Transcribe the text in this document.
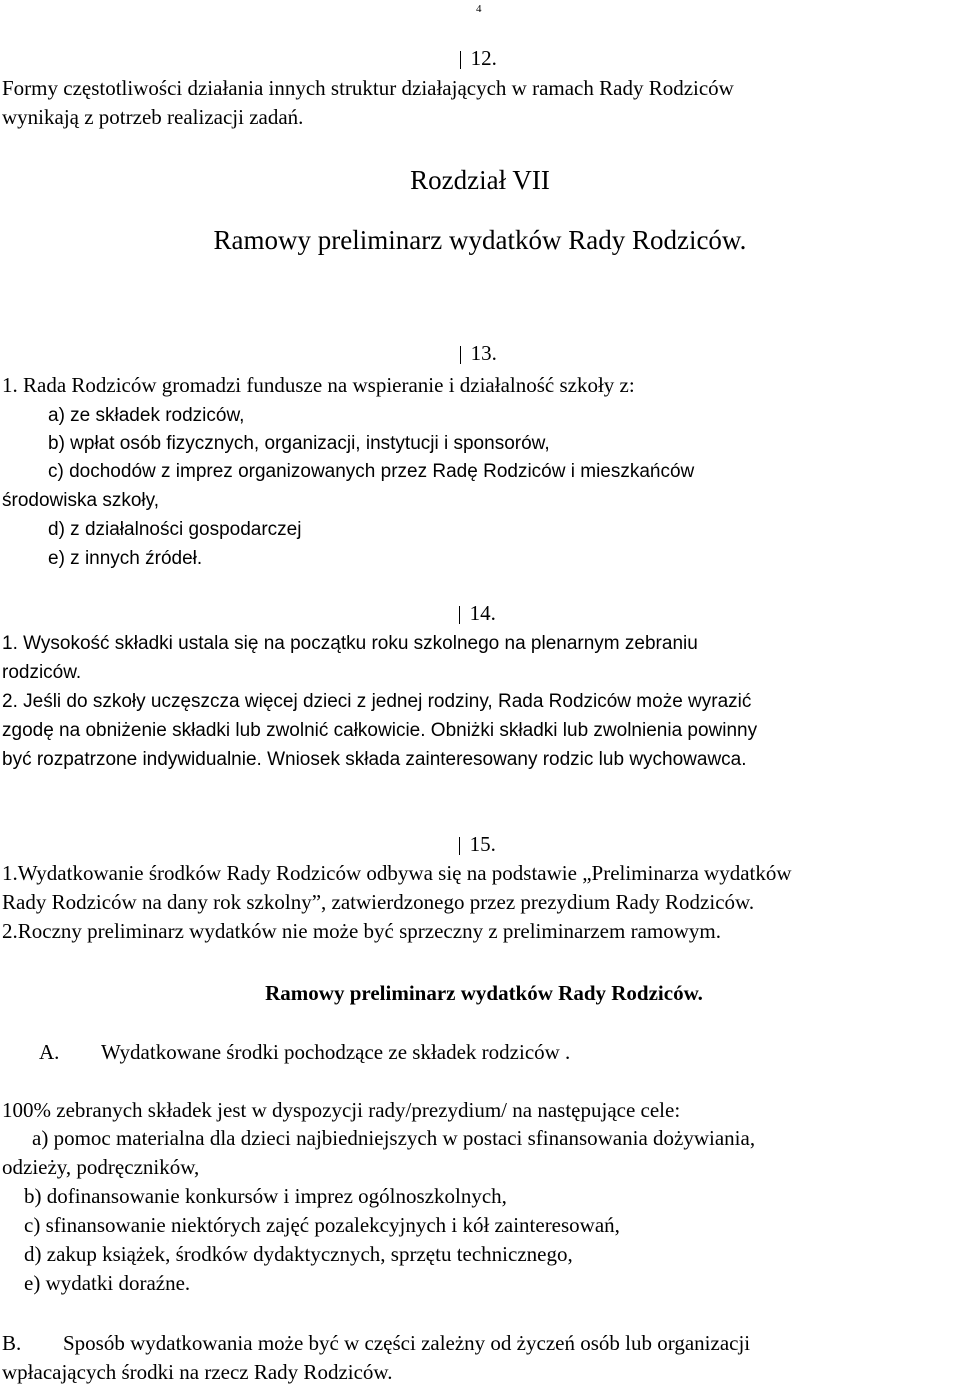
4
12.
Formy częstotliwości działania innych struktur działających w ramach Rady Rodziców
wynikają z potrzeb realizacji zadań.
Rozdział VII
Ramowy preliminarz wydatków Rady Rodziców.
13.
1. Rada Rodziców gromadzi fundusze na wspieranie i działalność szkoły z:
a) ze składek rodziców,
b) wpłat osób fizycznych, organizacji, instytucji i sponsorów,
c) dochodów z imprez organizowanych przez Radę Rodziców i mieszkańców
środowiska szkoły,
d) z działalności gospodarczej
e) z innych źródeł.
14.
1. Wysokość składki ustala się na początku roku szkolnego na plenarnym zebraniu
rodziców.
2. Jeśli do szkoły uczęszcza więcej dzieci z jednej rodziny, Rada Rodziców może wyrazić
zgodę na obniżenie składki lub zwolnić całkowicie. Obniżki składki lub zwolnienia powinny
być rozpatrzone indywidualnie. Wniosek składa zainteresowany rodzic lub wychowawca.
15.
1.Wydatkowanie środków Rady Rodziców odbywa się na podstawie „Preliminarza wydatków
Rady Rodziców na dany rok szkolny”, zatwierdzonego przez prezydium Rady Rodziców.
2.Roczny preliminarz wydatków nie może być sprzeczny z preliminarzem ramowym.
Ramowy preliminarz wydatków Rady Rodziców.
A. Wydatkowane środki pochodzące ze składek rodziców .
100% zebranych składek jest w dyspozycji rady/prezydium/ na następujące cele:
a) pomoc materialna dla dzieci najbiedniejszych w postaci sfinansowania dożywiania,
odzieży, podręczników,
b) dofinansowanie konkursów i imprez ogólnoszkolnych,
c) sfinansowanie niektórych zajęć pozalekcyjnych i kół zainteresowań,
d) zakup książek, środków dydaktycznych, sprzętu technicznego,
e) wydatki doraźne.
B. Sposób wydatkowania może być w części zależny od życzeń osób lub organizacji
wpłacających środki na rzecz Rady Rodziców.
